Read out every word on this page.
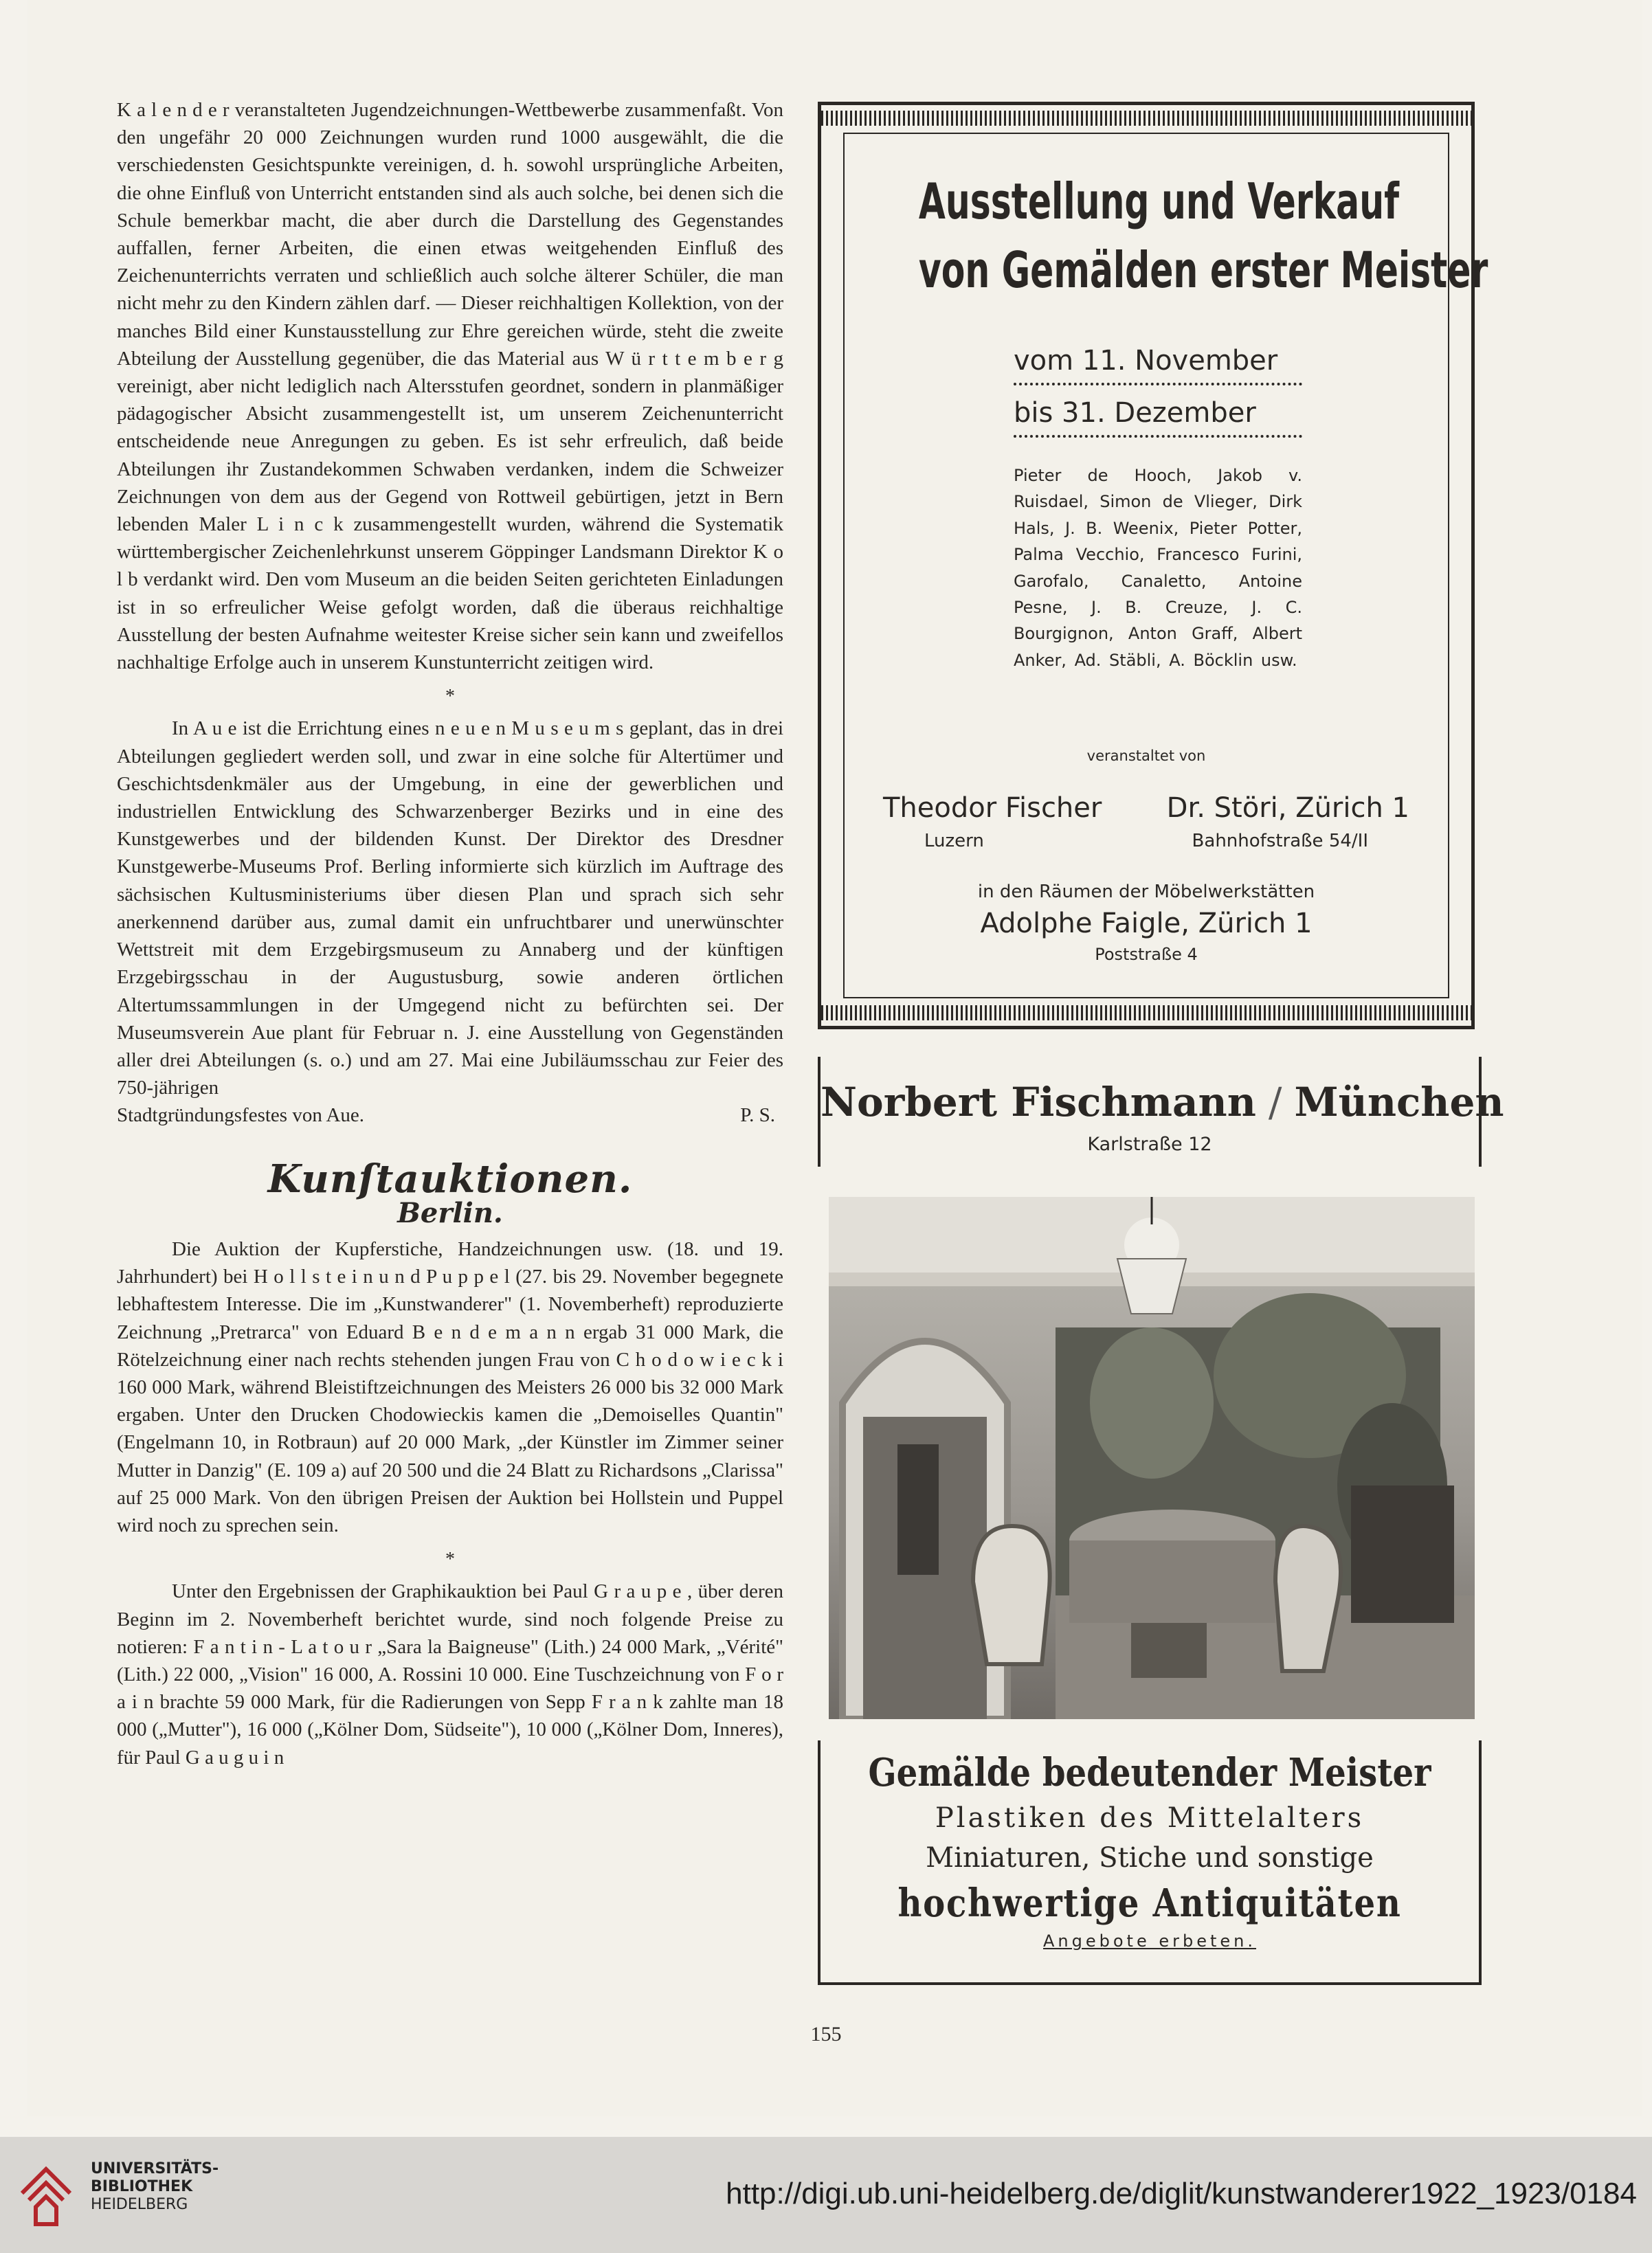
K a l e n d e r veranstalteten Jugendzeichnungen-Wettbewerbe zusammenfaßt. Von den ungefähr 20 000 Zeichnungen wurden rund 1000 ausgewählt, die die verschiedensten Gesichtspunkte vereinigen, d. h. sowohl ursprüngliche Arbeiten, die ohne Einfluß von Unterricht entstanden sind als auch solche, bei denen sich die Schule bemerkbar macht, die aber durch die Darstellung des Gegenstandes auffallen, ferner Arbeiten, die einen etwas weitgehenden Einfluß des Zeichenunterrichts verraten und schließlich auch solche älterer Schüler, die man nicht mehr zu den Kindern zählen darf. — Dieser reichhaltigen Kollektion, von der manches Bild einer Kunstausstellung zur Ehre gereichen würde, steht die zweite Abteilung der Ausstellung gegenüber, die das Material aus W ü r t t e m b e r g vereinigt, aber nicht lediglich nach Altersstufen geordnet, sondern in planmäßiger pädagogischer Absicht zusammengestellt ist, um unserem Zeichenunterricht entscheidende neue Anregungen zu geben. Es ist sehr erfreulich, daß beide Abteilungen ihr Zustandekommen Schwaben verdanken, indem die Schweizer Zeichnungen von dem aus der Gegend von Rottweil gebürtigen, jetzt in Bern lebenden Maler L i n c k zusammengestellt wurden, während die Systematik württembergischer Zeichenlehrkunst unserem Göppinger Landsmann Direktor K o l b verdankt wird. Den vom Museum an die beiden Seiten gerichteten Einladungen ist in so erfreulicher Weise gefolgt worden, daß die überaus reichhaltige Ausstellung der besten Aufnahme weitester Kreise sicher sein kann und zweifellos nachhaltige Erfolge auch in unserem Kunstunterricht zeitigen wird.

*

In A u e ist die Errichtung eines n e u e n M u s e u m s geplant, das in drei Abteilungen gegliedert werden soll, und zwar in eine solche für Altertümer und Geschichtsdenkmäler aus der Umgebung, in eine der gewerblichen und industriellen Entwicklung des Schwarzenberger Bezirks und in eine des Kunstgewerbes und der bildenden Kunst. Der Direktor des Dresdner Kunstgewerbe-Museums Prof. Berling informierte sich kürzlich im Auftrage des sächsischen Kultusministeriums über diesen Plan und sprach sich sehr anerkennend darüber aus, zumal damit ein unfruchtbarer und unerwünschter Wettstreit mit dem Erzgebirgsmuseum zu Annaberg und der künftigen Erzgebirgsschau in der Augustusburg, sowie anderen örtlichen Altertumssammlungen in der Umgegend nicht zu befürchten sei. Der Museumsverein Aue plant für Februar n. J. eine Ausstellung von Gegenständen aller drei Abteilungen (s. o.) und am 27. Mai eine Jubiläumsschau zur Feier des 750-jährigen

Stadtgründungsfestes von Aue.	P. S.

Kunſtauktionen.
Berlin.

Die Auktion der Kupferstiche, Handzeichnungen usw. (18. und 19. Jahrhundert) bei H o l l s t e i n u n d P u p p e l (27. bis 29. November begegnete lebhaftestem Interesse. Die im „Kunstwanderer" (1. Novemberheft) reproduzierte Zeichnung „Pretrarca" von Eduard B e n d e m a n n ergab 31 000 Mark, die Rötelzeichnung einer nach rechts stehenden jungen Frau von C h o d o w i e c k i 160 000 Mark, während Bleistiftzeichnungen des Meisters 26 000 bis 32 000 Mark ergaben. Unter den Drucken Chodowieckis kamen die „Demoiselles Quantin" (Engelmann 10, in Rotbraun) auf 20 000 Mark, „der Künstler im Zimmer seiner Mutter in Danzig" (E. 109 a) auf 20 500 und die 24 Blatt zu Richardsons „Clarissa" auf 25 000 Mark. Von den übrigen Preisen der Auktion bei Hollstein und Puppel wird noch zu sprechen sein.

*

Unter den Ergebnissen der Graphikauktion bei Paul G r a u p e , über deren Beginn im 2. Novemberheft berichtet wurde, sind noch folgende Preise zu notieren: F a n t i n - L a t o u r „Sara la Baigneuse" (Lith.) 24 000 Mark, „Vérité" (Lith.) 22 000, „Vision" 16 000, A. Rossini 10 000. Eine Tuschzeichnung von F o r a i n brachte 59 000 Mark, für die Radierungen von Sepp F r a n k zahlte man 18 000 („Mutter"), 16 000 („Kölner Dom, Südseite"), 10 000 („Kölner Dom, Inneres), für Paul G a u g u i n

Ausstellung und Verkauf
von Gemälden erster Meister
vom 11. November
bis 31. Dezember
Pieter de Hooch, Jakob v. Ruisdael, Simon de Vlieger, Dirk Hals, J. B. Weenix, Pieter Potter, Palma Vecchio, Francesco Furini, Garofalo, Canaletto, Antoine Pesne, J. B. Creuze, J. C. Bourgignon, Anton Graff, Albert Anker, Ad. Stäbli, A. Böcklin usw.
veranstaltet von
Theodor Fischer Dr. Störi, Zürich 1
Luzern	Bahnhofstraße 54/II
in den Räumen der Möbelwerkstätten
Adolphe Faigle, Zürich 1
Poststraße 4
Norbert Fischmann / München
Karlstraße 12
Gemälde bedeutender Meister
Plastiken des Mittelalters
Miniaturen, Stiche und sonstige
hochwertige Antiquitäten
Angebote erbeten.
155
UNIVERSITÄTS-
BIBLIOTHEK
HEIDELBERG	http://digi.ub.uni-heidelberg.de/diglit/kunstwanderer1922_1923/0184
